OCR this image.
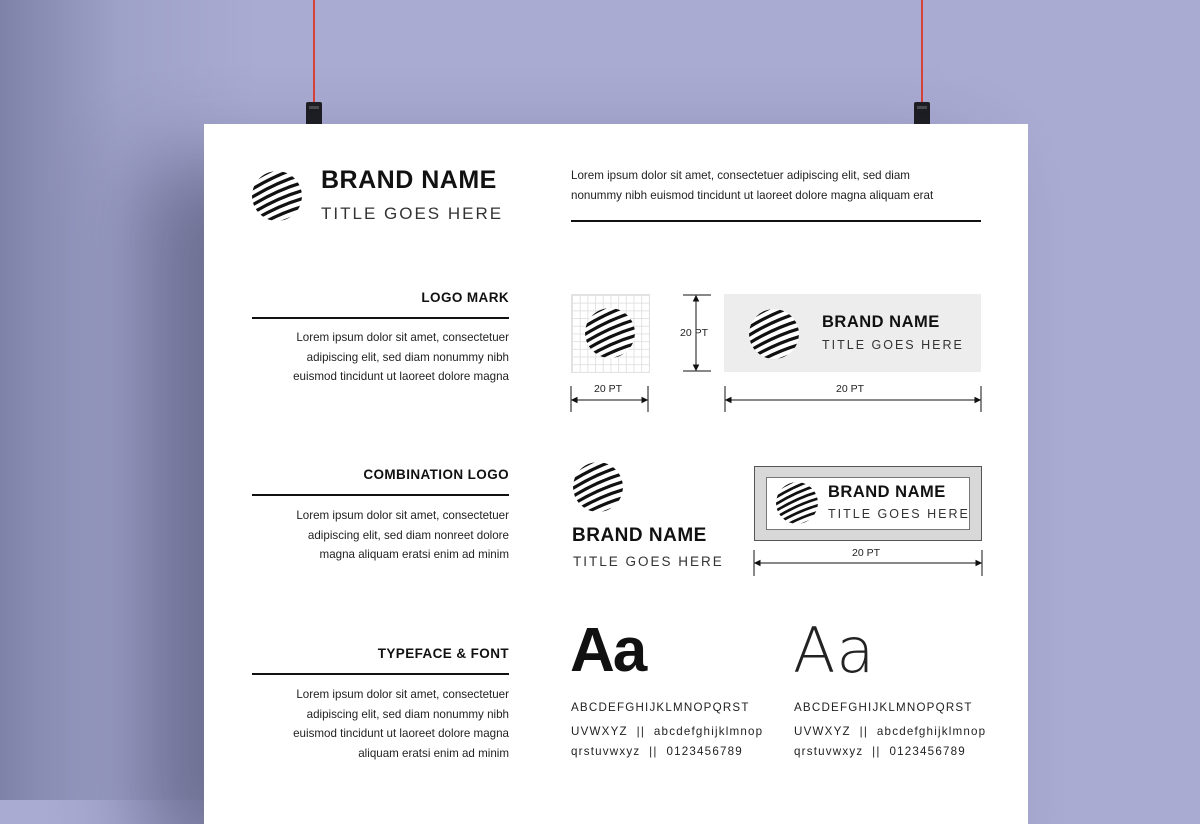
BRAND NAME
TITLE GOES HERE
Lorem ipsum dolor sit amet, consectetuer adipiscing elit, sed diam
nonummy nibh euismod tincidunt ut laoreet dolore magna aliquam erat
LOGO MARK
Lorem ipsum dolor sit amet, consectetuer
adipiscing elit, sed diam nonummy nibh
euismod tincidunt ut laoreet dolore magna
20 PT
20 PT
20 PT
BRAND NAME
TITLE GOES HERE
COMBINATION LOGO
Lorem ipsum dolor sit amet, consectetuer
adipiscing elit, sed diam nonreet dolore
magna aliquam eratsi enim ad minim
BRAND NAME
TITLE GOES HERE
BRAND NAME
TITLE GOES HERE
20 PT
TYPEFACE & FONT
Lorem ipsum dolor sit amet, consectetuer
adipiscing elit, sed diam nonummy nibh
euismod tincidunt ut laoreet dolore magna
aliquam eratsi enim ad minim
Aa
ABCDEFGHIJKLMNOPQRST
UVWXYZ  ||  abcdefghijklmnop
qrstuvwxyz  ||  0123456789
Aa
ABCDEFGHIJKLMNOPQRST
UVWXYZ  ||  abcdefghijklmnop
qrstuvwxyz  ||  0123456789
